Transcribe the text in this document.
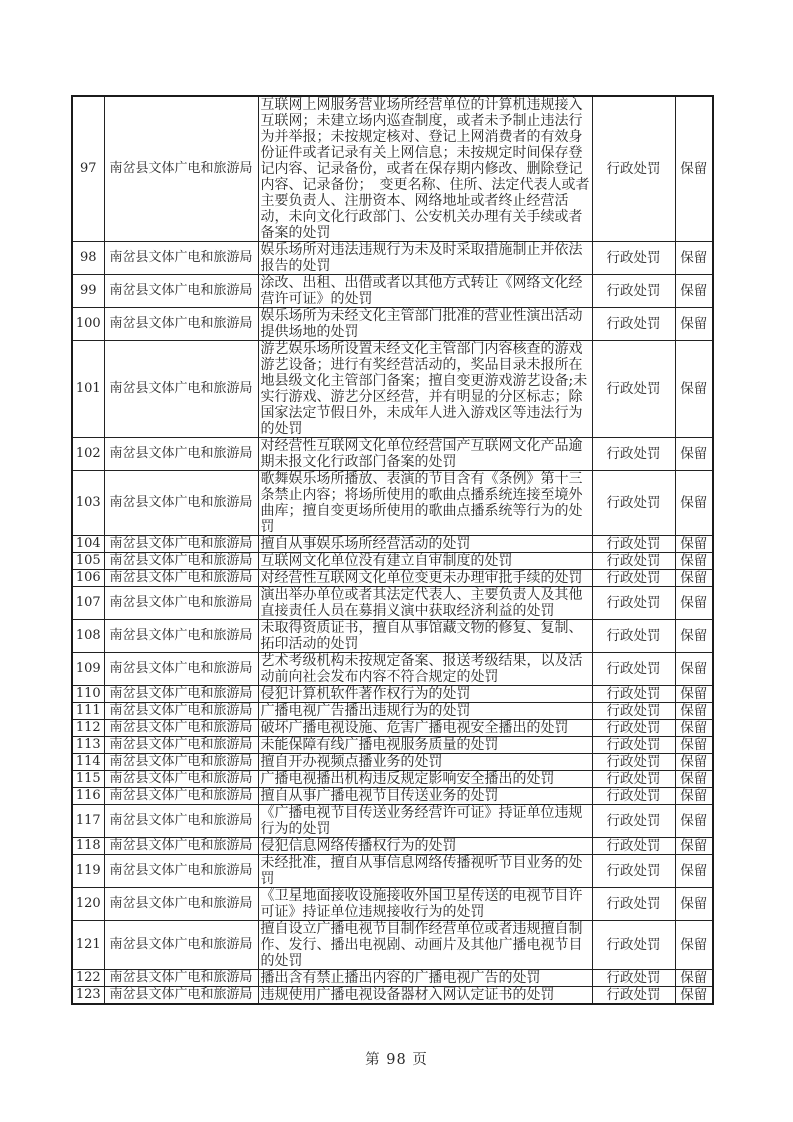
97	南岔县文体广电和旅游局	互联网上网服务营业场所经营单位的计算机违规接入互联网；未建立场内巡查制度，或者未予制止违法行为并举报；未按规定核对、登记上网消费者的有效身份证件或者记录有关上网信息；未按规定时间保存登记内容、记录备份，或者在保存期内修改、删除登记内容、记录备份；　变更名称、住所、法定代表人或者主要负责人、注册资本、网络地址或者终止经营活动，未向文化行政部门、公安机关办理有关手续或者备案的处罚	行政处罚	保留
98	南岔县文体广电和旅游局	娱乐场所对违法违规行为未及时采取措施制止并依法报告的处罚	行政处罚	保留
99	南岔县文体广电和旅游局	涂改、出租、出借或者以其他方式转让《网络文化经营许可证》的处罚	行政处罚	保留
100	南岔县文体广电和旅游局	娱乐场所为未经文化主管部门批准的营业性演出活动提供场地的处罚	行政处罚	保留
101	南岔县文体广电和旅游局	游艺娱乐场所设置未经文化主管部门内容核查的游戏游艺设备；进行有奖经营活动的，奖品目录未报所在地县级文化主管部门备案；擅自变更游戏游艺设备;未实行游戏、游艺分区经营，并有明显的分区标志；除国家法定节假日外，未成年人进入游戏区等违法行为的处罚	行政处罚	保留
102	南岔县文体广电和旅游局	对经营性互联网文化单位经营国产互联网文化产品逾期未报文化行政部门备案的处罚	行政处罚	保留
103	南岔县文体广电和旅游局	歌舞娱乐场所播放、表演的节目含有《条例》第十三条禁止内容；将场所使用的歌曲点播系统连接至境外曲库；擅自变更场所使用的歌曲点播系统等行为的处罚	行政处罚	保留
104	南岔县文体广电和旅游局	擅自从事娱乐场所经营活动的处罚	行政处罚	保留
105	南岔县文体广电和旅游局	互联网文化单位没有建立自审制度的处罚	行政处罚	保留
106	南岔县文体广电和旅游局	对经营性互联网文化单位变更未办理审批手续的处罚	行政处罚	保留
107	南岔县文体广电和旅游局	演出举办单位或者其法定代表人、主要负责人及其他直接责任人员在募捐义演中获取经济利益的处罚	行政处罚	保留
108	南岔县文体广电和旅游局	未取得资质证书，擅自从事馆藏文物的修复、复制、拓印活动的处罚	行政处罚	保留
109	南岔县文体广电和旅游局	艺术考级机构未按规定备案、报送考级结果，以及活动前向社会发布内容不符合规定的处罚	行政处罚	保留
110	南岔县文体广电和旅游局	侵犯计算机软件著作权行为的处罚	行政处罚	保留
111	南岔县文体广电和旅游局	广播电视广告播出违规行为的处罚	行政处罚	保留
112	南岔县文体广电和旅游局	破坏广播电视设施、危害广播电视安全播出的处罚	行政处罚	保留
113	南岔县文体广电和旅游局	未能保障有线广播电视服务质量的处罚	行政处罚	保留
114	南岔县文体广电和旅游局	擅自开办视频点播业务的处罚	行政处罚	保留
115	南岔县文体广电和旅游局	广播电视播出机构违反规定影响安全播出的处罚	行政处罚	保留
116	南岔县文体广电和旅游局	擅自从事广播电视节目传送业务的处罚	行政处罚	保留
117	南岔县文体广电和旅游局	《广播电视节目传送业务经营许可证》持证单位违规行为的处罚	行政处罚	保留
118	南岔县文体广电和旅游局	侵犯信息网络传播权行为的处罚	行政处罚	保留
119	南岔县文体广电和旅游局	未经批准，擅自从事信息网络传播视听节目业务的处罚	行政处罚	保留
120	南岔县文体广电和旅游局	《卫星地面接收设施接收外国卫星传送的电视节目许可证》持证单位违规接收行为的处罚	行政处罚	保留
121	南岔县文体广电和旅游局	擅自设立广播电视节目制作经营单位或者违规擅自制作、发行、播出电视剧、动画片及其他广播电视节目的处罚	行政处罚	保留
122	南岔县文体广电和旅游局	播出含有禁止播出内容的广播电视广告的处罚	行政处罚	保留
123	南岔县文体广电和旅游局	违规使用广播电视设备器材入网认定证书的处罚	行政处罚	保留
第 98 页
